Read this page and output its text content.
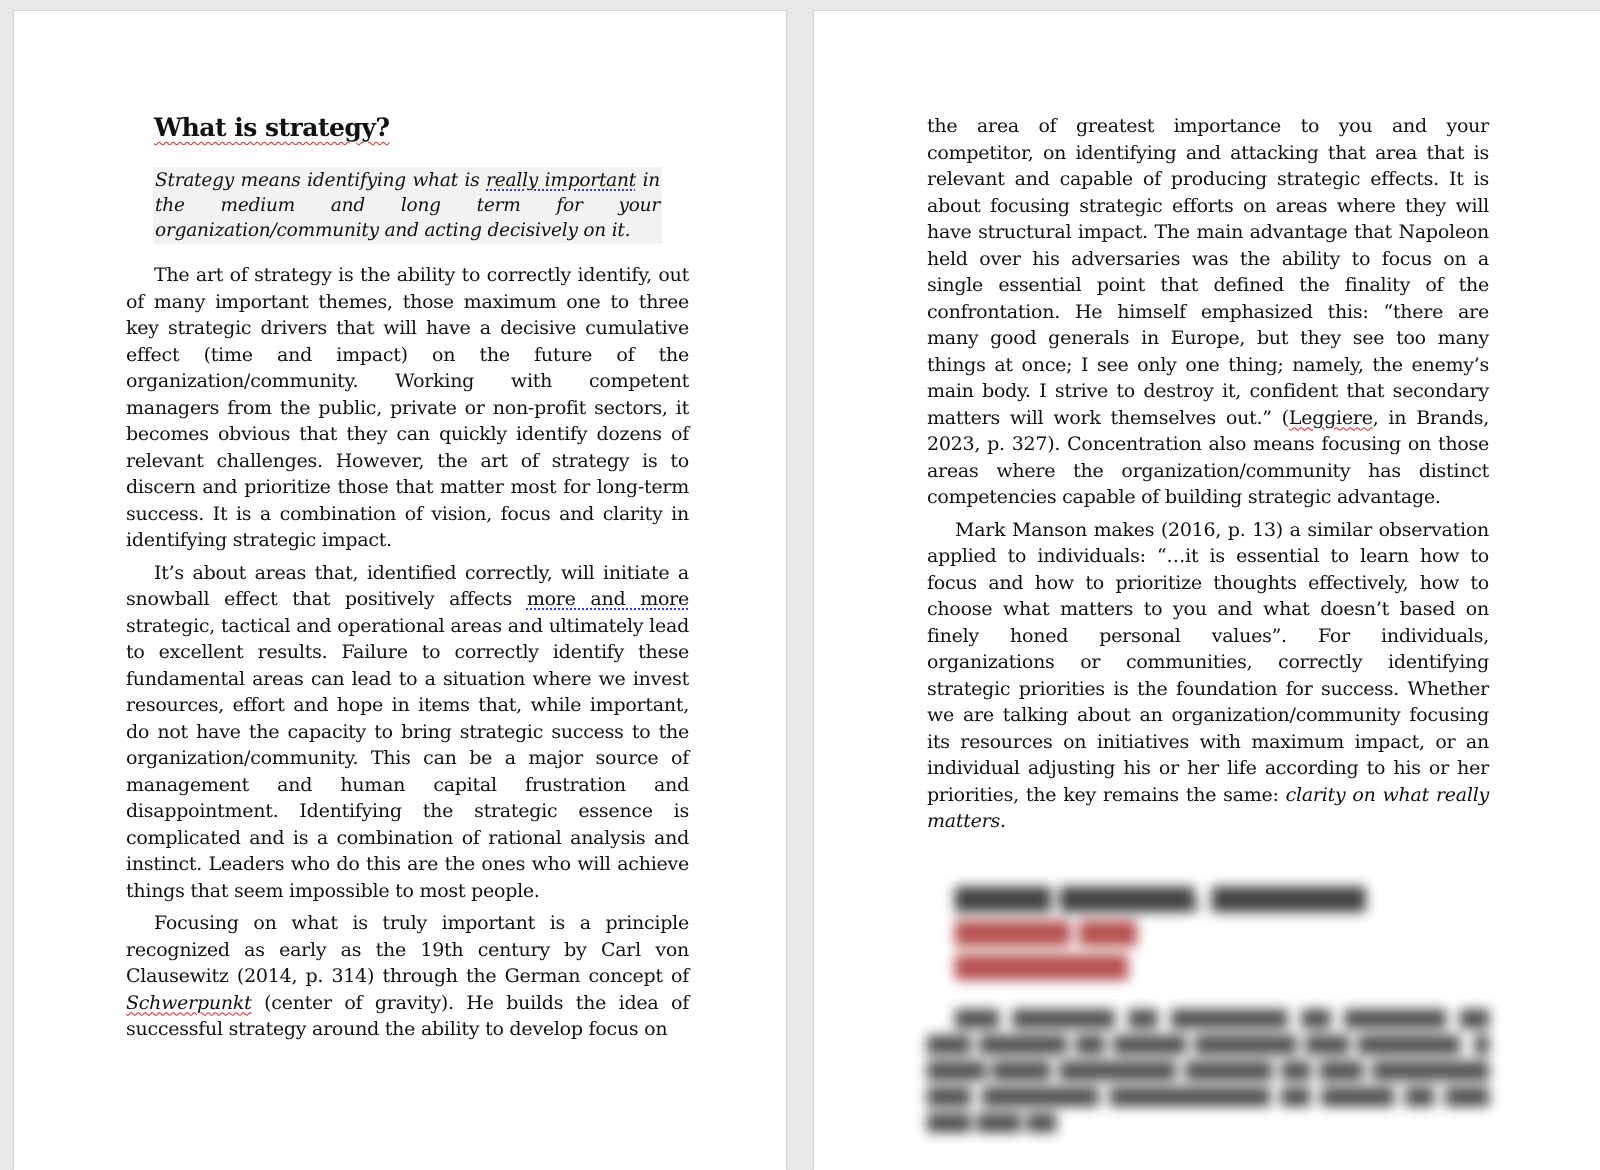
What is strategy?
Strategy means identifying what is really important in the medium and long term for your organization/community and acting decisively on it.

The art of strategy is the ability to correctly identify, out of many important themes, those maximum one to three key strategic drivers that will have a decisive cumulative effect (time and impact) on the future of the organization/community. Working with competent managers from the public, private or non-profit sectors, it becomes obvious that they can quickly identify dozens of relevant challenges. However, the art of strategy is to discern and prioritize those that matter most for long-term success. It is a combination of vision, focus and clarity in identifying strategic impact.

It’s about areas that, identified correctly, will initiate a snowball effect that positively affects more and more strategic, tactical and operational areas and ultimately lead to excellent results. Failure to correctly identify these fundamental areas can lead to a situation where we invest resources, effort and hope in items that, while important, do not have the capacity to bring strategic success to the organization/community. This can be a major source of management and human capital frustration and disappointment. Identifying the strategic essence is complicated and is a combination of rational analysis and instinct. Leaders who do this are the ones who will achieve things that seem impossible to most people.

Focusing on what is truly important is a principle recognized as early as the 19th century by Carl von Clausewitz (2014, p. 314) through the German concept of Schwerpunkt (center of gravity). He builds the idea of successful strategy around the ability to develop focus on

the area of greatest importance to you and your competitor, on identifying and attacking that area that is relevant and capable of producing strategic effects. It is about focusing strategic efforts on areas where they will have structural impact. The main advantage that Napoleon held over his adversaries was the ability to focus on a single essential point that defined the finality of the confrontation. He himself emphasized this: “there are many good generals in Europe, but they see too many things at once; I see only one thing; namely, the enemy’s main body. I strive to destroy it, confident that secondary matters will work themselves out.” (Leggiere, in Brands, 2023, p. 327). Concentration also means focusing on those areas where the organization/community has distinct competencies capable of building strategic advantage.

Mark Manson makes (2016, p. 13) a similar observation applied to individuals: “…it is essential to learn how to focus and how to prioritize thoughts effectively, how to choose what matters to you and what doesn’t based on finely honed personal values”. For individuals, organizations or communities, correctly identifying strategic priorities is the foundation for success. Whether we are talking about an organization/community focusing its resources on initiatives with maximum impact, or an individual adjusting his or her life according to his or her priorities, the key remains the same: clarity on what really matters.

▇▇▇▇▇ ▇▇▇▇▇▇▇, ▇▇▇▇▇▇▇▇ ▇▇▇▇▇▇ ▇▇▇
▇▇▇▇▇▇▇▇▇
▇▇▇ ▇▇▇▇▇▇▇ ▇▇ ▇▇▇▇▇▇▇▇ ▇▇ ▇▇▇▇▇▇▇ ▇▇ ▇▇▇ ▇▇▇▇▇▇ ▇▇ ▇▇▇▇▇ ▇▇▇▇▇▇▇ ▇▇▇ ▇▇▇▇▇▇▇, ▇ ▇▇▇▇-▇▇▇▇ ▇▇▇▇▇▇▇▇ ▇▇▇▇▇▇ ▇▇ ▇▇▇ ▇▇▇▇▇▇▇▇ ▇▇▇ ▇▇▇▇▇▇▇▇ ▇▇▇▇▇▇▇▇▇▇▇ ▇▇ ▇▇▇▇▇ ▇▇ ▇▇▇ ▇▇▇ ▇▇▇ ▇▇
